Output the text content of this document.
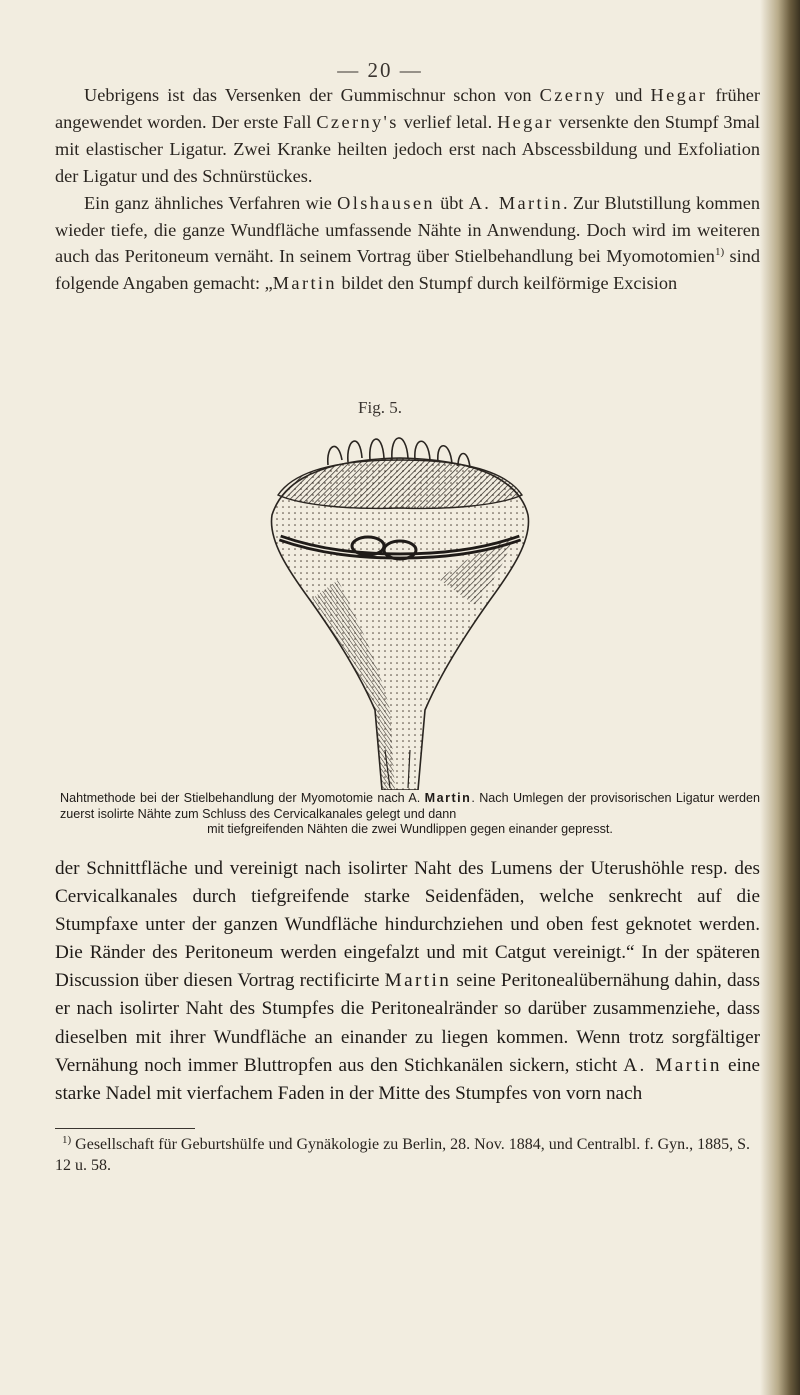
— 20 —

Uebrigens ist das Versenken der Gummischnur schon von Czerny und Hegar früher angewendet worden. Der erste Fall Czerny's verlief letal. Hegar versenkte den Stumpf 3mal mit elastischer Ligatur. Zwei Kranke heilten jedoch erst nach Abscessbildung und Exfoliation der Ligatur und des Schnürstückes.

Ein ganz ähnliches Verfahren wie Olshausen übt A. Martin. Zur Blutstillung kommen wieder tiefe, die ganze Wundfläche umfassende Nähte in Anwendung. Doch wird im weiteren auch das Peritoneum vernäht. In seinem Vortrag über Stielbehandlung bei Myomotomien$^{1)}$ sind folgende Angaben gemacht: „Martin bildet den Stumpf durch keilförmige Excision

Fig. 5.

Nahtmethode bei der Stielbehandlung der Myomotomie nach A. Martin. Nach Umlegen der provisorischen Ligatur werden zuerst isolirte Nähte zum Schluss des Cervicalkanales gelegt und dann

mit tiefgreifenden Nähten die zwei Wundlippen gegen einander gepresst.

der Schnittfläche und vereinigt nach isolirter Naht des Lumens der Uterushöhle resp. des Cervicalkanales durch tiefgreifende starke Seidenfäden, welche senkrecht auf die Stumpfaxe unter der ganzen Wundfläche hindurchziehen und oben fest geknotet werden. Die Ränder des Peritoneum werden eingefalzt und mit Catgut vereinigt.“ In der späteren Discussion über diesen Vortrag rectificirte Martin seine Peritonealübernähung dahin, dass er nach isolirter Naht des Stumpfes die Peritonealränder so darüber zusammenziehe, dass dieselben mit ihrer Wundfläche an einander zu liegen kommen. Wenn trotz sorgfältiger Vernähung noch immer Bluttropfen aus den Stichkanälen sickern, sticht A. Martin eine starke Nadel mit vierfachem Faden in der Mitte des Stumpfes von vorn nach

$^{1)}$ Gesellschaft für Geburtshülfe und Gynäkologie zu Berlin, 28. Nov. 1884, und Centralbl. f. Gyn., 1885, S. 12 u. 58.
